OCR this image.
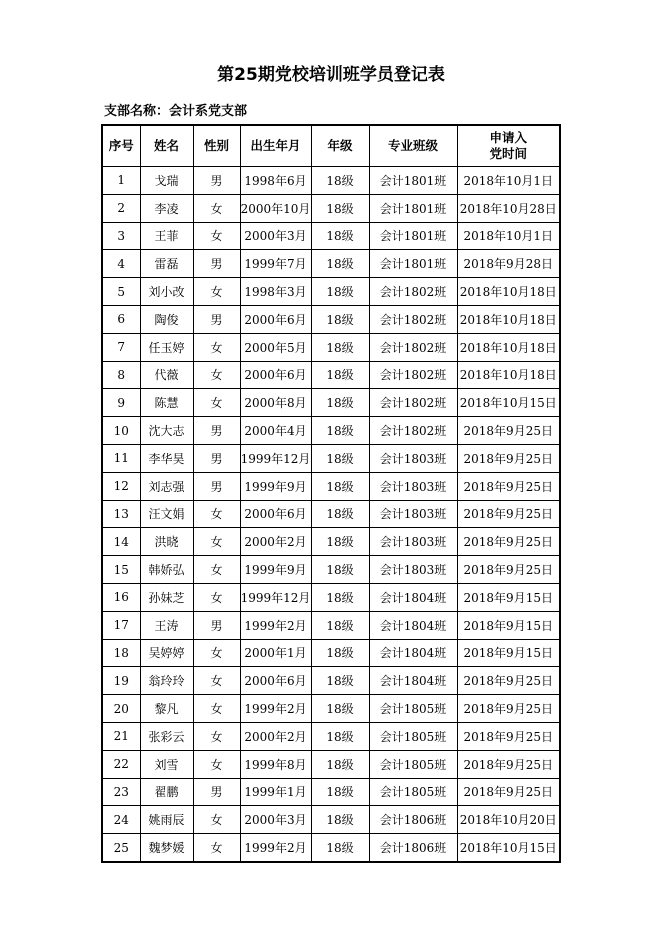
第25期党校培训班学员登记表
支部名称：会计系党支部
序号	姓名	性别	出生年月	年级	专业班级	申请入
党时间

1	戈瑞	男	1998年6月	18级	会计1801班	2018年10月1日
2	李凌	女	2000年10月	18级	会计1801班	2018年10月28日
3	王菲	女	2000年3月	18级	会计1801班	2018年10月1日
4	雷磊	男	1999年7月	18级	会计1801班	2018年9月28日
5	刘小改	女	1998年3月	18级	会计1802班	2018年10月18日
6	陶俊	男	2000年6月	18级	会计1802班	2018年10月18日
7	任玉婷	女	2000年5月	18级	会计1802班	2018年10月18日
8	代薇	女	2000年6月	18级	会计1802班	2018年10月18日
9	陈慧	女	2000年8月	18级	会计1802班	2018年10月15日
10	沈大志	男	2000年4月	18级	会计1802班	2018年9月25日
11	李华昊	男	1999年12月	18级	会计1803班	2018年9月25日
12	刘志强	男	1999年9月	18级	会计1803班	2018年9月25日
13	汪文娟	女	2000年6月	18级	会计1803班	2018年9月25日
14	洪晓	女	2000年2月	18级	会计1803班	2018年9月25日
15	韩娇弘	女	1999年9月	18级	会计1803班	2018年9月25日
16	孙妹芝	女	1999年12月	18级	会计1804班	2018年9月15日
17	王涛	男	1999年2月	18级	会计1804班	2018年9月15日
18	吴婷婷	女	2000年1月	18级	会计1804班	2018年9月15日
19	翁玲玲	女	2000年6月	18级	会计1804班	2018年9月25日
20	黎凡	女	1999年2月	18级	会计1805班	2018年9月25日
21	张彩云	女	2000年2月	18级	会计1805班	2018年9月25日
22	刘雪	女	1999年8月	18级	会计1805班	2018年9月25日
23	翟鹏	男	1999年1月	18级	会计1805班	2018年9月25日
24	姚雨辰	女	2000年3月	18级	会计1806班	2018年10月20日
25	魏梦媛	女	1999年2月	18级	会计1806班	2018年10月15日
